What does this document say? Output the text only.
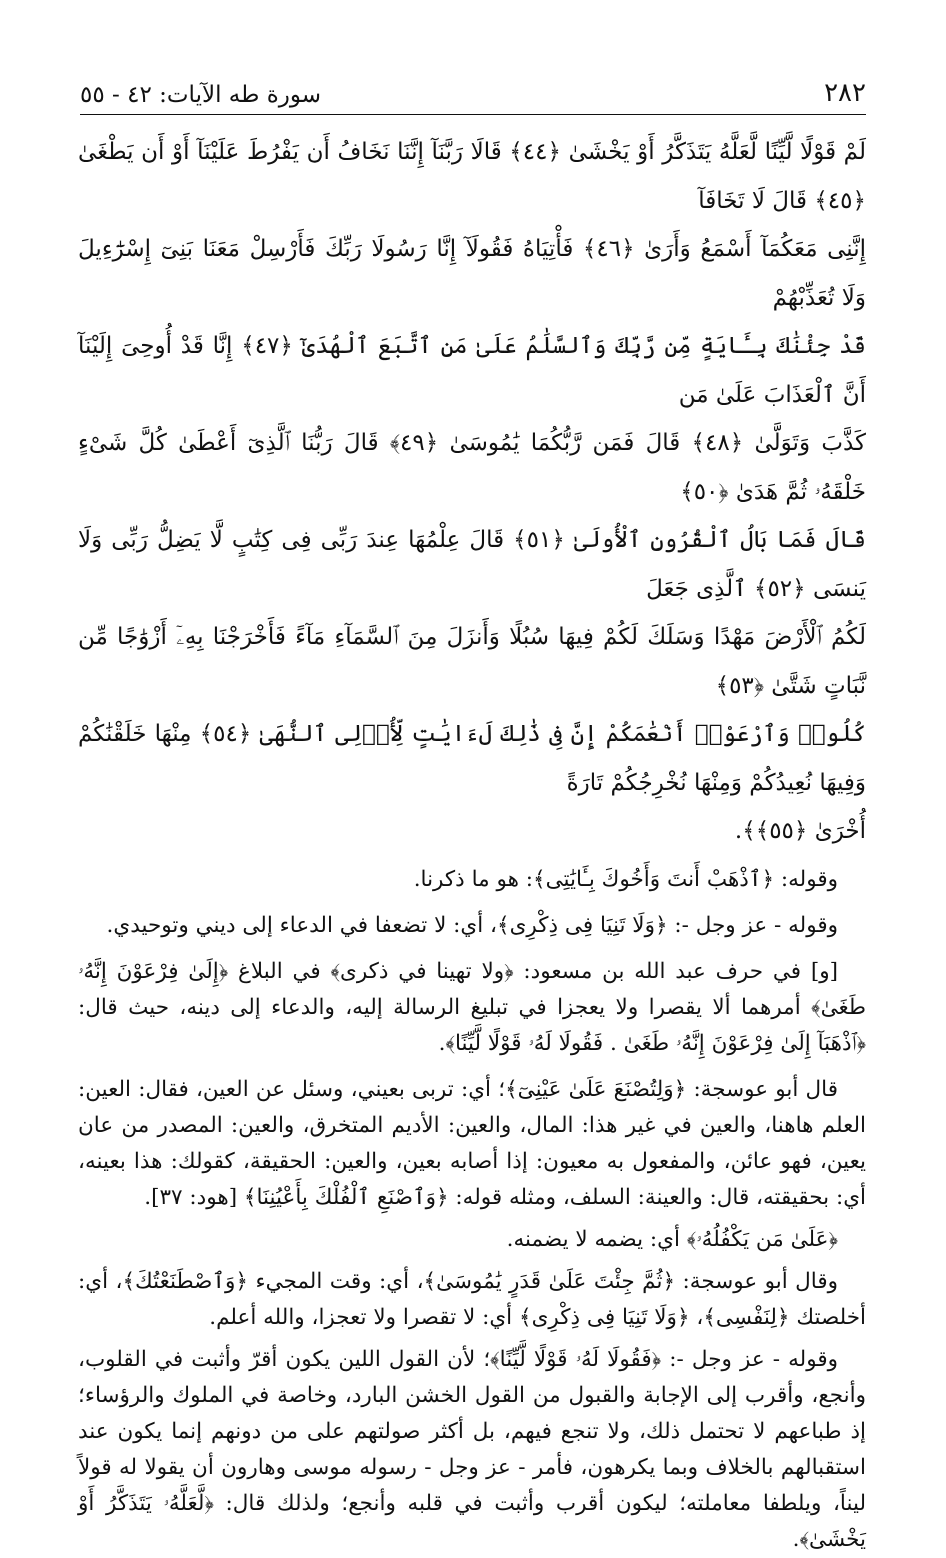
٢٨٢
سورة طه الآيات: ٤٢ - ٥٥
لَمْ قَوْلًا لَّيِّنًا لَّعَلَّهُ يَتَذَكَّرُ أَوْ يَخْشَىٰ ﴿٤٤﴾ قَالَا رَبَّنَآ إِنَّنَا نَخَافُ أَن يَفْرُطَ عَلَيْنَآ أَوْ أَن يَطْغَىٰ ﴿٤٥﴾ قَالَ لَا تَخَافَآ
إِنَّنِى مَعَكُمَآ أَسْمَعُ وَأَرَىٰ ﴿٤٦﴾ فَأْتِيَاهُ فَقُولَآ إِنَّا رَسُولَا رَبِّكَ فَأَرْسِلْ مَعَنَا بَنِىٓ إِسْرَٰٓءِيلَ وَلَا تُعَذِّبْهُمْ
قَدْ جِئْنَٰكَ بِـَٔايَةٍ مِّن رَّبِّكَ وَٱلسَّلَٰمُ عَلَىٰ مَنِ ٱتَّبَعَ ٱلْهُدَىٰٓ ﴿٤٧﴾ إِنَّا قَدْ أُوحِىَ إِلَيْنَآ أَنَّ ٱلْعَذَابَ عَلَىٰ مَن
كَذَّبَ وَتَوَلَّىٰ ﴿٤٨﴾ قَالَ فَمَن رَّبُّكُمَا يَٰمُوسَىٰ ﴿٤٩﴾ قَالَ رَبُّنَا ٱلَّذِىٓ أَعْطَىٰ كُلَّ شَىْءٍ خَلْقَهُۥ ثُمَّ هَدَىٰ ﴿٥٠﴾
قَالَ فَمَا بَالُ ٱلْقُرُونِ ٱلْأُولَىٰ ﴿٥١﴾ قَالَ عِلْمُهَا عِندَ رَبِّى فِى كِتَٰبٍ لَّا يَضِلُّ رَبِّى وَلَا يَنسَى ﴿٥٢﴾ ٱلَّذِى جَعَلَ
لَكُمُ ٱلْأَرْضَ مَهْدًا وَسَلَكَ لَكُمْ فِيهَا سُبُلًا وَأَنزَلَ مِنَ ٱلسَّمَآءِ مَآءً فَأَخْرَجْنَا بِهِۦٓ أَزْوَٰجًا مِّن نَّبَاتٍ شَتَّىٰ ﴿٥٣﴾
كُلُوا۟ وَٱرْعَوْا۟ أَنْعَٰمَكُمْ إِنَّ فِى ذَٰلِكَ لَءَايَٰتٍ لِّأُو۟لِى ٱلنُّهَىٰ ﴿٥٤﴾ مِنْهَا خَلَقْنَٰكُمْ وَفِيهَا نُعِيدُكُمْ وَمِنْهَا نُخْرِجُكُمْ تَارَةً
أُخْرَىٰ ﴿٥٥﴾﴾.

وقوله: ﴿ٱذْهَبْ أَنتَ وَأَخُوكَ بِـَٔايَٰتِى﴾: هو ما ذكرنا.

وقوله - عز وجل -: ﴿وَلَا تَنِيَا فِى ذِكْرِى﴾، أي: لا تضعفا في الدعاء إلى ديني وتوحيدي.

[و] في حرف عبد الله بن مسعود: ﴿ولا تهينا في ذكرى﴾ في البلاغ ﴿إِلَىٰ فِرْعَوْنَ إِنَّهُۥ طَغَىٰ﴾ أمرهما ألا يقصرا ولا يعجزا في تبليغ الرسالة إليه، والدعاء إلى دينه، حيث قال: ﴿ٱذْهَبَآ إِلَىٰ فِرْعَوْنَ إِنَّهُۥ طَغَىٰ . فَقُولَا لَهُۥ قَوْلًا لَّيِّنًا﴾.

قال أبو عوسجة: ﴿وَلِتُصْنَعَ عَلَىٰ عَيْنِىٓ﴾؛ أي: تربى بعيني، وسئل عن العين، فقال: العين: العلم هاهنا، والعين في غير هذا: المال، والعين: الأديم المتخرق، والعين: المصدر من عان يعين، فهو عائن، والمفعول به معيون: إذا أصابه بعين، والعين: الحقيقة، كقولك: هذا بعينه، أي: بحقيقته، قال: والعينة: السلف، ومثله قوله: ﴿وَٱصْنَعِ ٱلْفُلْكَ بِأَعْيُنِنَا﴾ [هود: ٣٧].

﴿عَلَىٰ مَن يَكْفُلُهُۥ﴾ أي: يضمه لا يضمنه.

وقال أبو عوسجة: ﴿ثُمَّ جِئْتَ عَلَىٰ قَدَرٍ يَٰمُوسَىٰ﴾، أي: وقت المجيء ﴿وَٱصْطَنَعْتُكَ﴾، أي: أخلصتك ﴿لِنَفْسِى﴾، ﴿وَلَا تَنِيَا فِى ذِكْرِى﴾ أي: لا تقصرا ولا تعجزا، والله أعلم.

وقوله - عز وجل -: ﴿فَقُولَا لَهُۥ قَوْلًا لَّيِّنًا﴾؛ لأن القول اللين يكون أقرّ وأثبت في القلوب، وأنجع، وأقرب إلى الإجابة والقبول من القول الخشن البارد، وخاصة في الملوك والرؤساء؛ إذ طباعهم لا تحتمل ذلك، ولا تنجع فيهم، بل أكثر صولتهم على من دونهم إنما يكون عند استقبالهم بالخلاف وبما يكرهون، فأمر - عز وجل - رسوله موسى وهارون أن يقولا له قولاً ليناً، ويلطفا معاملته؛ ليكون أقرب وأثبت في قلبه وأنجع؛ ولذلك قال: ﴿لَّعَلَّهُۥ يَتَذَكَّرُ أَوْ يَخْشَىٰ﴾.
